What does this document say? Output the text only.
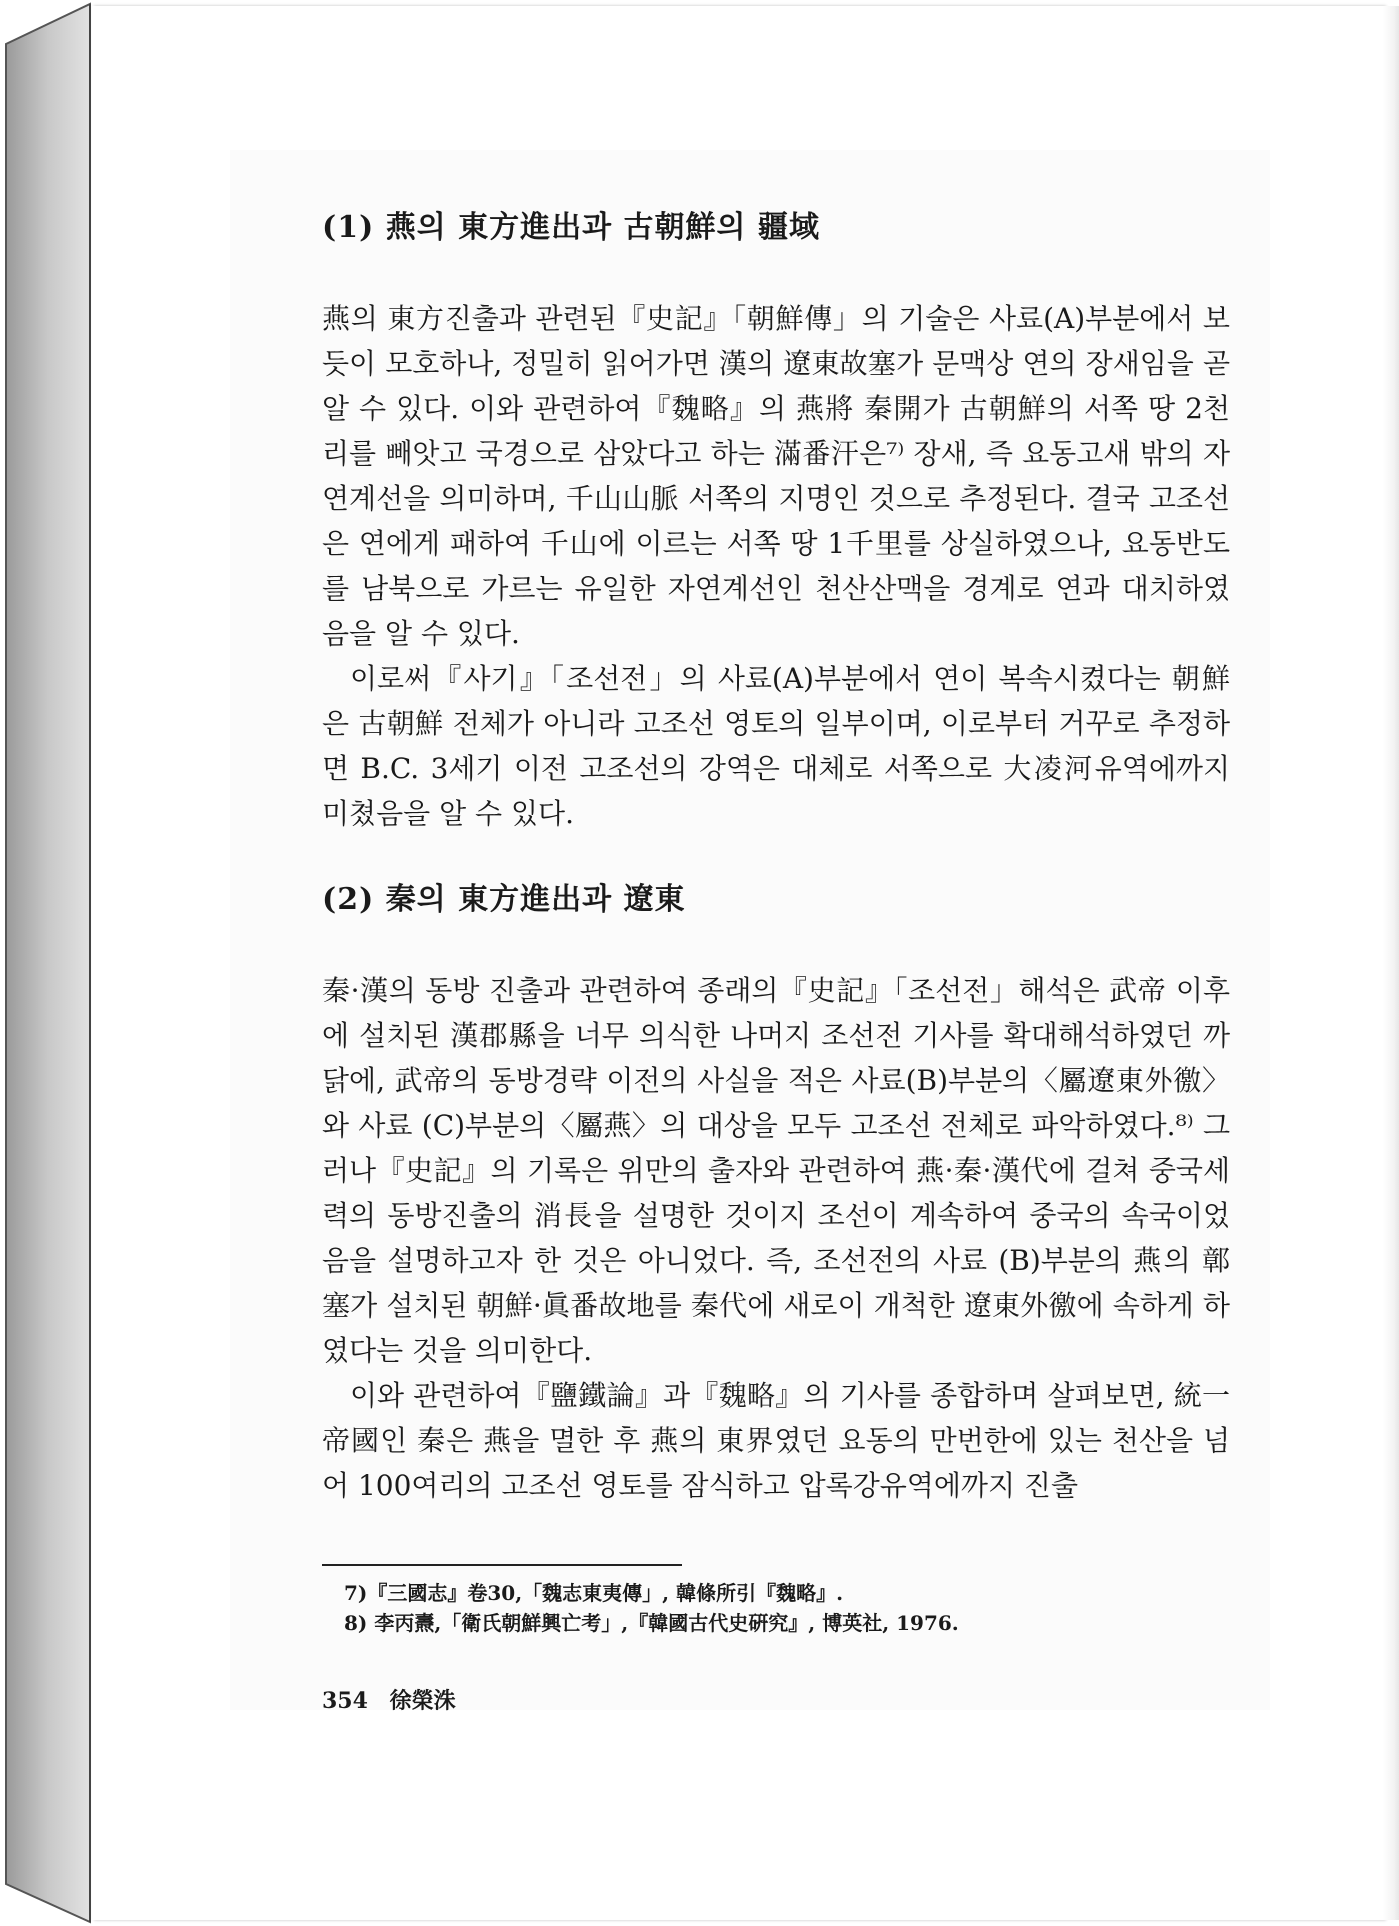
(1) 燕의 東方進出과 古朝鮮의 疆域

燕의 東方진출과 관련된『史記』「朝鮮傳」의 기술은 사료(A)부분에서 보듯이 모호하나, 정밀히 읽어가면 漢의 遼東故塞가 문맥상 연의 장새임을 곧 알 수 있다. 이와 관련하여『魏略』의 燕將 秦開가 古朝鮮의 서쪽 땅 2천리를 빼앗고 국경으로 삼았다고 하는 滿番汗은⁷⁾ 장새, 즉 요동고새 밖의 자연계선을 의미하며, 千山山脈 서쪽의 지명인 것으로 추정된다. 결국 고조선은 연에게 패하여 千山에 이르는 서쪽 땅 1千里를 상실하였으나, 요동반도를 남북으로 가르는 유일한 자연계선인 천산산맥을 경계로 연과 대치하였음을 알 수 있다.

이로써『사기』「조선전」의 사료(A)부분에서 연이 복속시켰다는 朝鮮은 古朝鮮 전체가 아니라 고조선 영토의 일부이며, 이로부터 거꾸로 추정하면 B.C. 3세기 이전 고조선의 강역은 대체로 서쪽으로 大凌河유역에까지 미쳤음을 알 수 있다.

(2) 秦의 東方進出과 遼東

秦·漢의 동방 진출과 관련하여 종래의『史記』「조선전」해석은 武帝 이후에 설치된 漢郡縣을 너무 의식한 나머지 조선전 기사를 확대해석하였던 까닭에, 武帝의 동방경략 이전의 사실을 적은 사료(B)부분의〈屬遼東外徼〉와 사료 (C)부분의〈屬燕〉의 대상을 모두 고조선 전체로 파악하였다.⁸⁾ 그러나『史記』의 기록은 위만의 출자와 관련하여 燕·秦·漢代에 걸쳐 중국세력의 동방진출의 消長을 설명한 것이지 조선이 계속하여 중국의 속국이었음을 설명하고자 한 것은 아니었다. 즉, 조선전의 사료 (B)부분의 燕의 鄣塞가 설치된 朝鮮·眞番故地를 秦代에 새로이 개척한 遼東外徼에 속하게 하였다는 것을 의미한다.

이와 관련하여『鹽鐵論』과『魏略』의 기사를 종합하며 살펴보면, 統一帝國인 秦은 燕을 멸한 후 燕의 東界였던 요동의 만번한에 있는 천산을 넘어 100여리의 고조선 영토를 잠식하고 압록강유역에까지 진출

7)『三國志』卷30,「魏志東夷傳」, 韓條所引『魏略』.

8) 李丙燾,「衛氏朝鮮興亡考」,『韓國古代史硏究』, 博英社, 1976.

354 徐榮洙
